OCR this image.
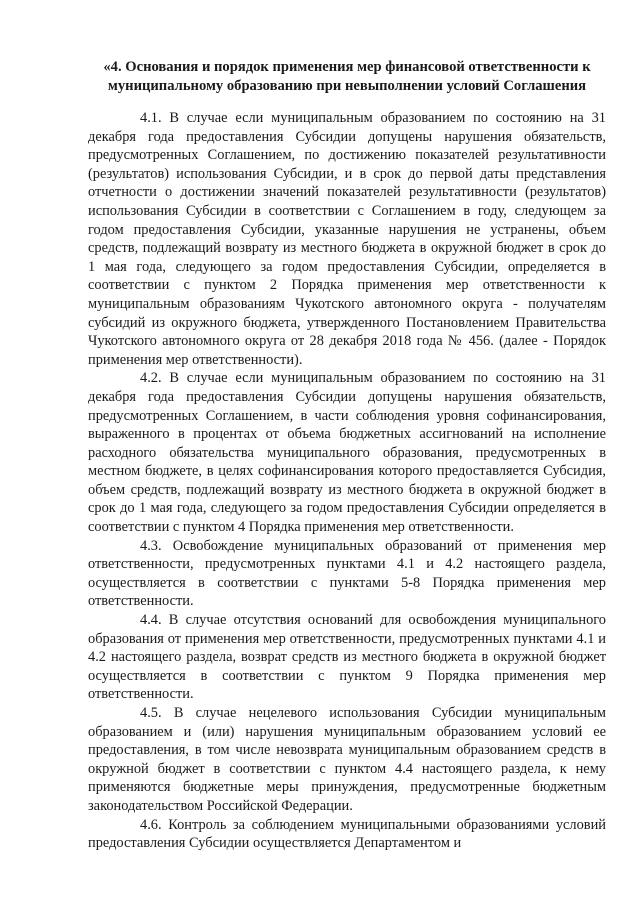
«4. Основания и порядок применения мер финансовой ответственности к муниципальному образованию при невыполнении условий Соглашения

4.1. В случае если муниципальным образованием по состоянию на 31 декабря года предоставления Субсидии допущены нарушения обязательств, предусмотренных Соглашением, по достижению показателей результативности (результатов) использования Субсидии, и в срок до первой даты представления отчетности о достижении значений показателей результативности (результатов) использования Субсидии в соответствии с Соглашением в году, следующем за годом предоставления Субсидии, указанные нарушения не устранены, объем средств, подлежащий возврату из местного бюджета в окружной бюджет в срок до 1 мая года, следующего за годом предоставления Субсидии, определяется в соответствии с пунктом 2 Порядка применения мер ответственности к муниципальным образованиям Чукотского автономного округа - получателям субсидий из окружного бюджета, утвержденного Постановлением Правительства Чукотского автономного округа от 28 декабря 2018 года № 456. (далее - Порядок применения мер ответственности).

4.2. В случае если муниципальным образованием по состоянию на 31 декабря года предоставления Субсидии допущены нарушения обязательств, предусмотренных Соглашением, в части соблюдения уровня софинансирования, выраженного в процентах от объема бюджетных ассигнований на исполнение расходного обязательства муниципального образования, предусмотренных в местном бюджете, в целях софинансирования которого предоставляется Субсидия, объем средств, подлежащий возврату из местного бюджета в окружной бюджет в срок до 1 мая года, следующего за годом предоставления Субсидии определяется в соответствии с пунктом 4 Порядка применения мер ответственности.

4.3. Освобождение муниципальных образований от применения мер ответственности, предусмотренных пунктами 4.1 и 4.2 настоящего раздела, осуществляется в соответствии с пунктами 5-8 Порядка применения мер ответственности.

4.4. В случае отсутствия оснований для освобождения муниципального образования от применения мер ответственности, предусмотренных пунктами 4.1 и 4.2 настоящего раздела, возврат средств из местного бюджета в окружной бюджет осуществляется в соответствии с пунктом 9 Порядка применения мер ответственности.

4.5. В случае нецелевого использования Субсидии муниципальным образованием и (или) нарушения муниципальным образованием условий ее предоставления, в том числе невозврата муниципальным образованием средств в окружной бюджет в соответствии с пунктом 4.4 настоящего раздела, к нему применяются бюджетные меры принуждения, предусмотренные бюджетным законодательством Российской Федерации.

4.6. Контроль за соблюдением муниципальными образованиями условий предоставления Субсидии осуществляется Департаментом и
